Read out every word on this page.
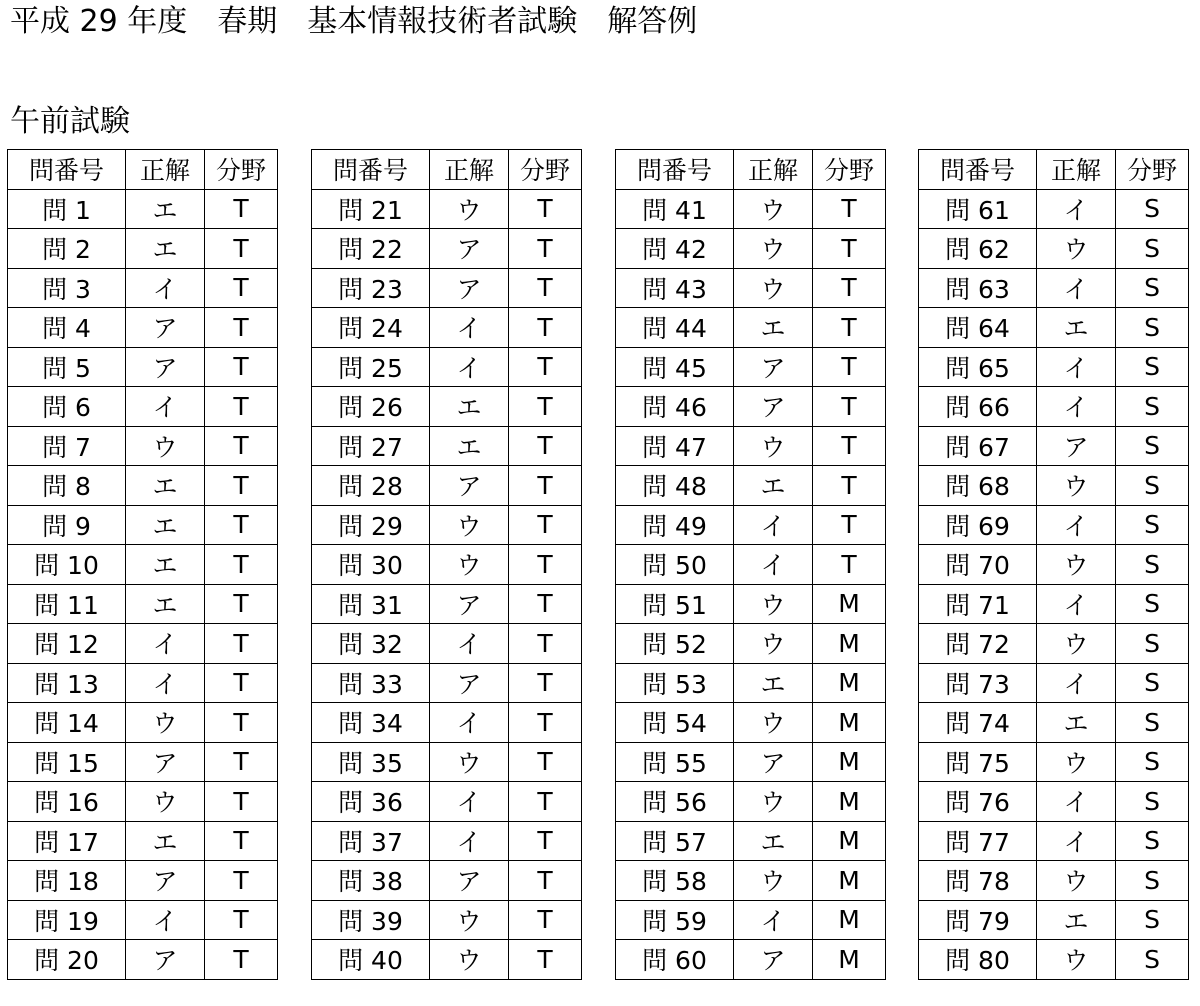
平成 29 年度　春期　基本情報技術者試験　解答例
午前試験
問番号	正解	分野
問 1	エ	T
問 2	エ	T
問 3	イ	T
問 4	ア	T
問 5	ア	T
問 6	イ	T
問 7	ウ	T
問 8	エ	T
問 9	エ	T
問 10	エ	T
問 11	エ	T
問 12	イ	T
問 13	イ	T
問 14	ウ	T
問 15	ア	T
問 16	ウ	T
問 17	エ	T
問 18	ア	T
問 19	イ	T
問 20	ア	T
問番号	正解	分野
問 21	ウ	T
問 22	ア	T
問 23	ア	T
問 24	イ	T
問 25	イ	T
問 26	エ	T
問 27	エ	T
問 28	ア	T
問 29	ウ	T
問 30	ウ	T
問 31	ア	T
問 32	イ	T
問 33	ア	T
問 34	イ	T
問 35	ウ	T
問 36	イ	T
問 37	イ	T
問 38	ア	T
問 39	ウ	T
問 40	ウ	T
問番号	正解	分野
問 41	ウ	T
問 42	ウ	T
問 43	ウ	T
問 44	エ	T
問 45	ア	T
問 46	ア	T
問 47	ウ	T
問 48	エ	T
問 49	イ	T
問 50	イ	T
問 51	ウ	M
問 52	ウ	M
問 53	エ	M
問 54	ウ	M
問 55	ア	M
問 56	ウ	M
問 57	エ	M
問 58	ウ	M
問 59	イ	M
問 60	ア	M
問番号	正解	分野
問 61	イ	S
問 62	ウ	S
問 63	イ	S
問 64	エ	S
問 65	イ	S
問 66	イ	S
問 67	ア	S
問 68	ウ	S
問 69	イ	S
問 70	ウ	S
問 71	イ	S
問 72	ウ	S
問 73	イ	S
問 74	エ	S
問 75	ウ	S
問 76	イ	S
問 77	イ	S
問 78	ウ	S
問 79	エ	S
問 80	ウ	S
